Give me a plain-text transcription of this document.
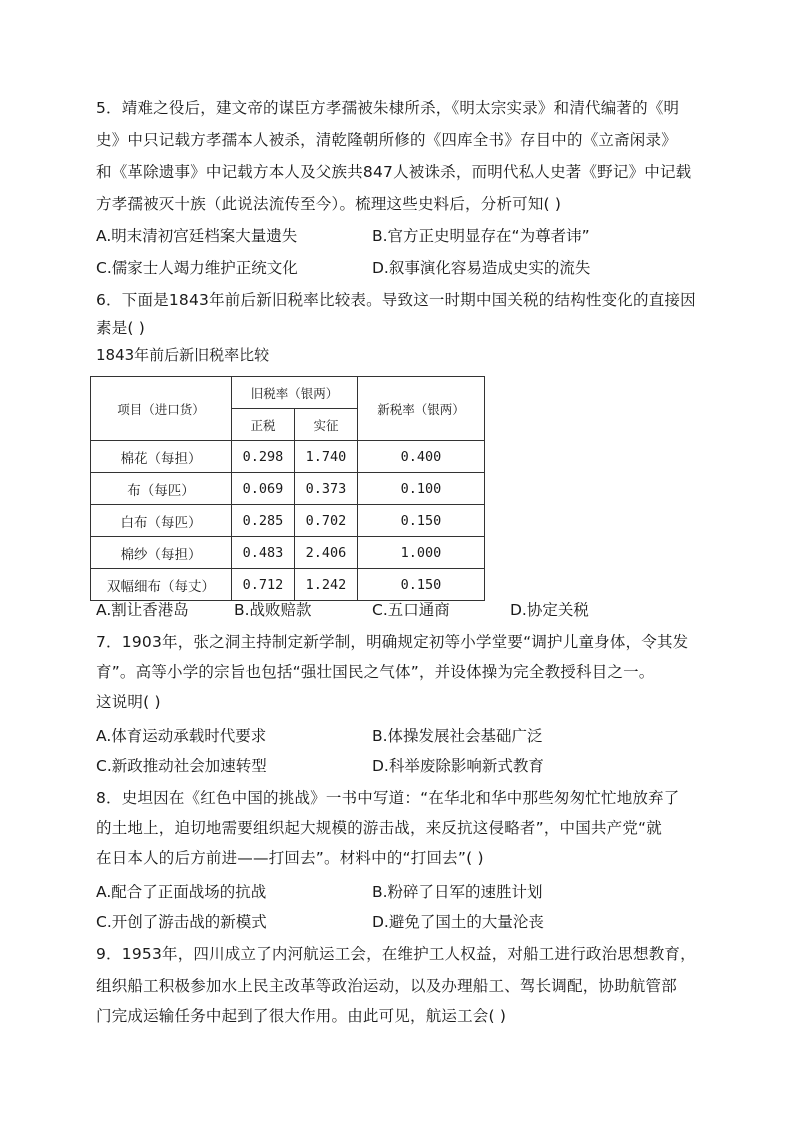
5．靖难之役后，建文帝的谋臣方孝孺被朱棣所杀，《明太宗实录》和清代编著的《明
史》中只记载方孝孺本人被杀，清乾隆朝所修的《四库全书》存目中的《立斋闲录》
和《革除遗事》中记载方本人及父族共847人被诛杀，而明代私人史著《野记》中记载
方孝孺被灭十族（此说法流传至今）。梳理这些史料后，分析可知( )
A.明末清初宫廷档案大量遗失	B.官方正史明显存在“为尊者讳”
C.儒家士人竭力维护正统文化	D.叙事演化容易造成史实的流失
6．下面是1843年前后新旧税率比较表。导致这一时期中国关税的结构性变化的直接因
素是( )
1843年前后新旧税率比较
项目（进口货）	旧税率（银两）		新税率（银两）
	正税	实征	
棉花（每担）	0.298	1.740	0.400
布（每匹）	0.069	0.373	0.100
白布（每匹）	0.285	0.702	0.150
棉纱（每担）	0.483	2.406	1.000
双幅细布（每丈）	0.712	1.242	0.150
A.割让香港岛	B.战败赔款	C.五口通商	D.协定关税
7．1903年，张之洞主持制定新学制，明确规定初等小学堂要“调护儿童身体，令其发
育”。高等小学的宗旨也包括“强壮国民之气体”，并设体操为完全教授科目之一。
这说明( )
A.体育运动承载时代要求	B.体操发展社会基础广泛
C.新政推动社会加速转型	D.科举废除影响新式教育
8．史坦因在《红色中国的挑战》一书中写道：“在华北和华中那些匆匆忙忙地放弃了
的土地上，迫切地需要组织起大规模的游击战，来反抗这侵略者”，中国共产党“就
在日本人的后方前进——打回去”。材料中的“打回去”( )
A.配合了正面战场的抗战	B.粉碎了日军的速胜计划
C.开创了游击战的新模式	D.避免了国土的大量沦丧
9．1953年，四川成立了内河航运工会，在维护工人权益，对船工进行政治思想教育，
组织船工积极参加水上民主改革等政治运动，以及办理船工、驾长调配，协助航管部
门完成运输任务中起到了很大作用。由此可见，航运工会( )
